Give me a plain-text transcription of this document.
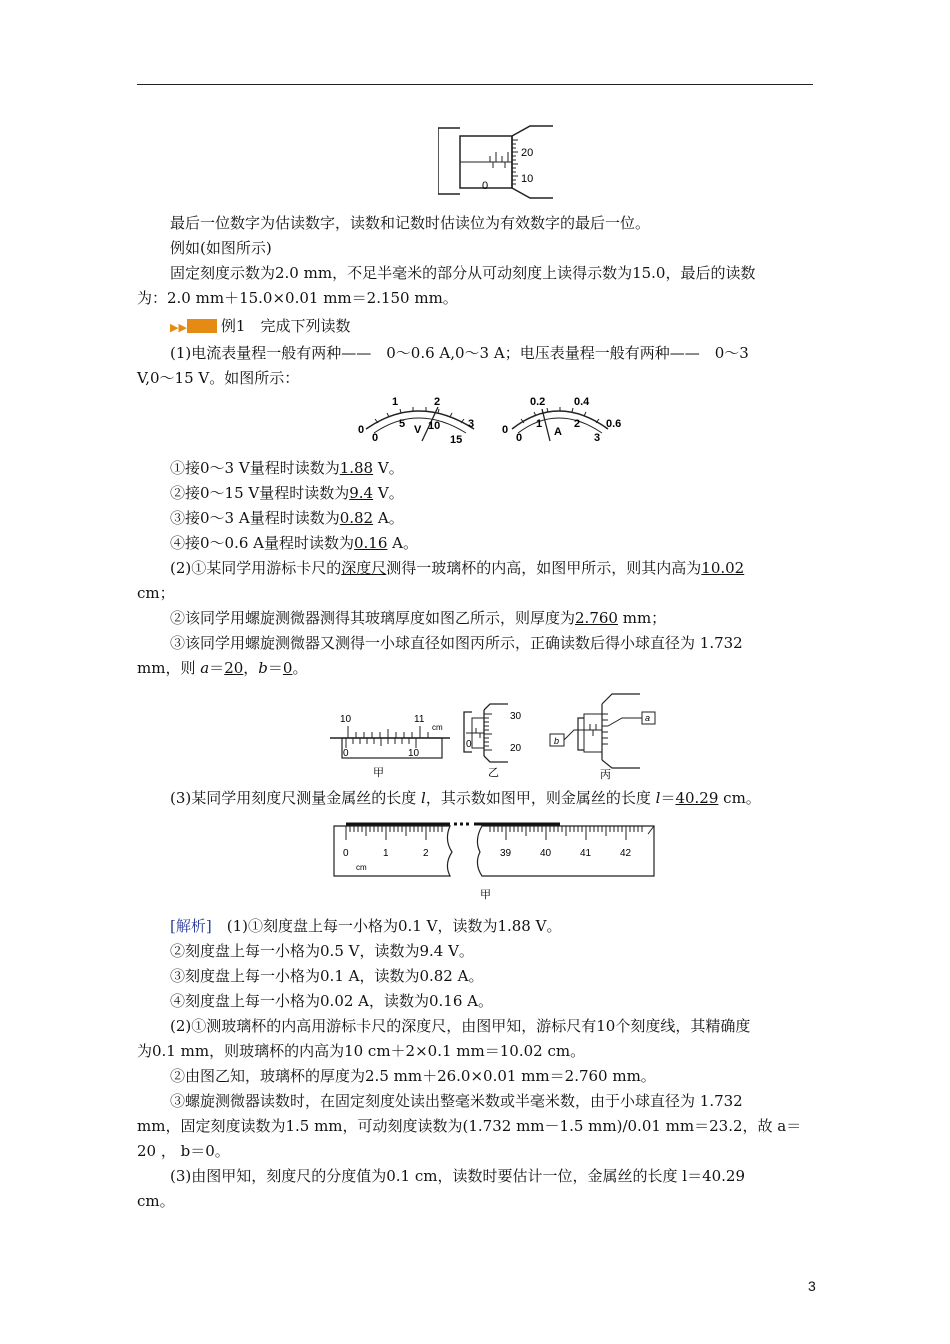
20
10
0

最后一位数字为估读数字，读数和记数时估读位为有效数字的最后一位。

例如(如图所示)

固定刻度示数为2.0 mm，不足半毫米的部分从可动刻度上读得示数为15.0，最后的读数

为：2.0 mm＋15.0×0.01 mm＝2.150 mm。

▶▶ 例1　 完成下列读数

(1)电流表量程一般有两种——　0～0.6 A,0～3 A；电压表量程一般有两种——　0～3

V,0～15 V。如图所示：

1	2
3
0
0
5 V 10
15
0.2	0.4
0.6
0
0
1
A
2
3

①接0～3 V量程时读数为1.88 V。

②接0～15 V量程时读数为9.4 V。

③接0～3 A量程时读数为0.82 A。

④接0～0.6 A量程时读数为0.16 A。

(2)①某同学用游标卡尺的深度尺测得一玻璃杯的内高，如图甲所示，则其内高为10.02

cm；

②该同学用螺旋测微器测得其玻璃厚度如图乙所示，则厚度为2.760 mm；

③该同学用螺旋测微器又测得一小球直径如图丙所示，正确读数后得小球直径为 1.732

mm，则 a＝20，b＝0。

10	11
cm
0	10
甲
30
20
0
乙
b
a
丙

(3)某同学用刻度尺测量金属丝的长度 l，其示数如图甲，则金属丝的长度 l＝40.29 cm。

0	1	2
cm
39	40	41	42
甲

[解析]　 (1)①刻度盘上每一小格为0.1 V，读数为1.88 V。

②刻度盘上每一小格为0.5 V，读数为9.4 V。

③刻度盘上每一小格为0.1 A，读数为0.82 A。

④刻度盘上每一小格为0.02 A，读数为0.16 A。

(2)①测玻璃杯的内高用游标卡尺的深度尺，由图甲知，游标尺有10个刻度线，其精确度

为0.1 mm，则玻璃杯的内高为10 cm＋2×0.1 mm＝10.02 cm。

②由图乙知，玻璃杯的厚度为2.5 mm＋26.0×0.01 mm＝2.760 mm。

③螺旋测微器读数时，在固定刻度处读出整毫米数或半毫米数，由于小球直径为 1.732

mm，固定刻度读数为1.5 mm，可动刻度读数为(1.732 mm－1.5 mm)/0.01 mm＝23.2，故 a＝

20 ， b＝0。

(3)由图甲知，刻度尺的分度值为0.1 cm，读数时要估计一位，金属丝的长度 l＝40.29

cm。

3
